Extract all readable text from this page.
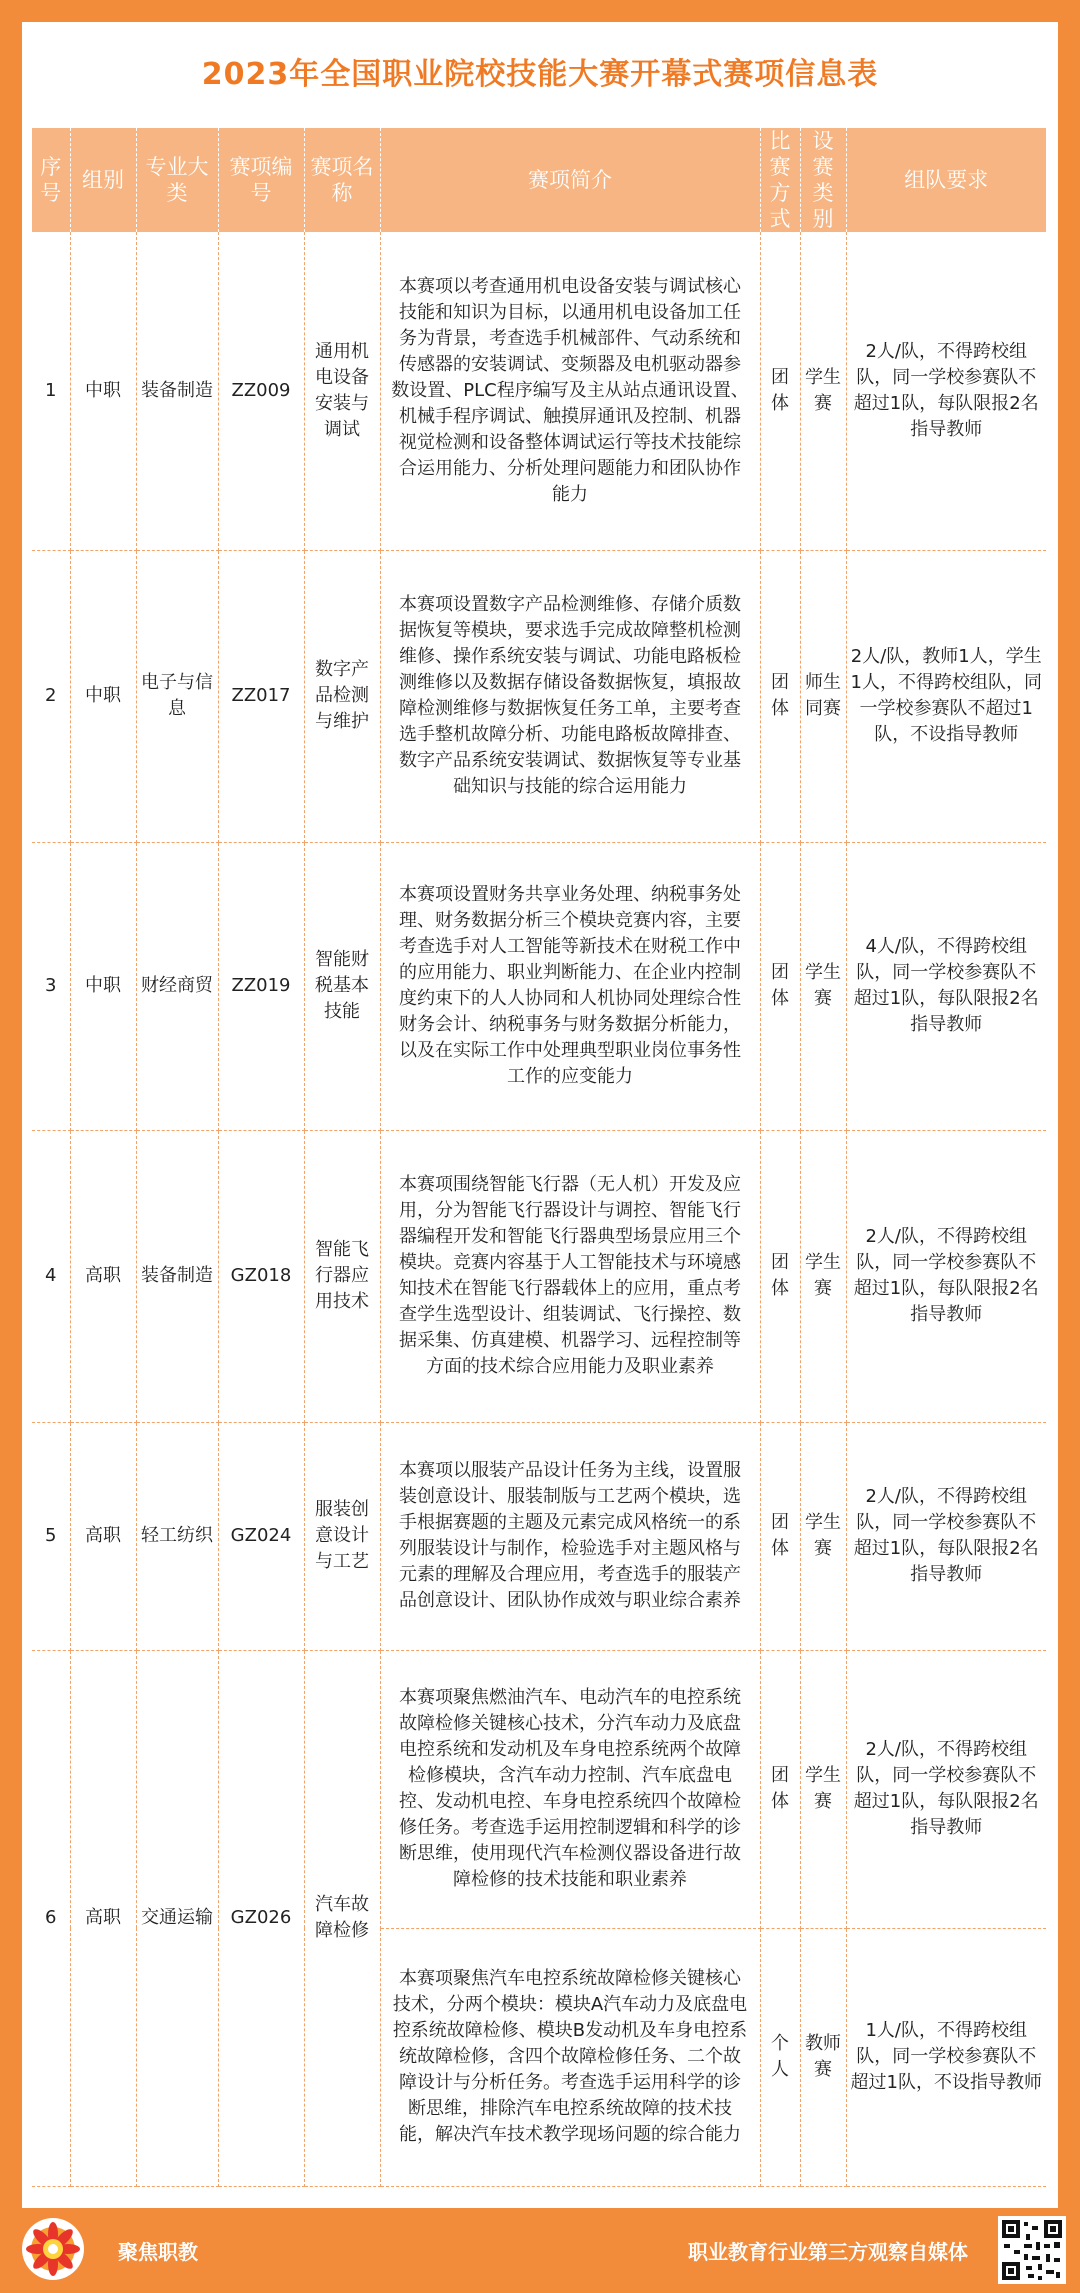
2023年全国职业院校技能大赛开幕式赛项信息表
序号	组别	专业大类	赛项编号	赛项名称	赛项简介	比赛方式	设赛类别	组队要求
1	中职	装备制造	ZZ009	通用机电设备安装与调试	本赛项以考查通用机电设备安装与调试核心技能和知识为目标，以通用机电设备加工任务为背景，考查选手机械部件、气动系统和传感器的安装调试、变频器及电机驱动器参数设置、PLC程序编写及主从站点通讯设置、机械手程序调试、触摸屏通讯及控制、机器视觉检测和设备整体调试运行等技术技能综合运用能力、分析处理问题能力和团队协作能力	团体	学生赛	2人/队，不得跨校组队，同一学校参赛队不超过1队，每队限报2名指导教师
2	中职	电子与信息	ZZ017	数字产品检测与维护	本赛项设置数字产品检测维修、存储介质数据恢复等模块，要求选手完成故障整机检测维修、操作系统安装与调试、功能电路板检测维修以及数据存储设备数据恢复，填报故障检测维修与数据恢复任务工单，主要考查选手整机故障分析、功能电路板故障排查、数字产品系统安装调试、数据恢复等专业基础知识与技能的综合运用能力	团体	师生同赛	2人/队，教师1人，学生1人，不得跨校组队，同一学校参赛队不超过1队，不设指导教师
3	中职	财经商贸	ZZ019	智能财税基本技能	本赛项设置财务共享业务处理、纳税事务处理、财务数据分析三个模块竞赛内容，主要考查选手对人工智能等新技术在财税工作中的应用能力、职业判断能力、在企业内控制度约束下的人人协同和人机协同处理综合性财务会计、纳税事务与财务数据分析能力，以及在实际工作中处理典型职业岗位事务性工作的应变能力	团体	学生赛	4人/队，不得跨校组队，同一学校参赛队不超过1队，每队限报2名指导教师
4	高职	装备制造	GZ018	智能飞行器应用技术	本赛项围绕智能飞行器（无人机）开发及应用，分为智能飞行器设计与调控、智能飞行器编程开发和智能飞行器典型场景应用三个模块。竞赛内容基于人工智能技术与环境感知技术在智能飞行器载体上的应用，重点考查学生选型设计、组装调试、飞行操控、数据采集、仿真建模、机器学习、远程控制等方面的技术综合应用能力及职业素养	团体	学生赛	2人/队，不得跨校组队，同一学校参赛队不超过1队，每队限报2名指导教师
5	高职	轻工纺织	GZ024	服装创意设计与工艺	本赛项以服装产品设计任务为主线，设置服装创意设计、服装制版与工艺两个模块，选手根据赛题的主题及元素完成风格统一的系列服装设计与制作，检验选手对主题风格与元素的理解及合理应用，考查选手的服装产品创意设计、团队协作成效与职业综合素养	团体	学生赛	2人/队，不得跨校组队，同一学校参赛队不超过1队，每队限报2名指导教师
6	高职	交通运输	GZ026	汽车故障检修	本赛项聚焦燃油汽车、电动汽车的电控系统故障检修关键核心技术，分汽车动力及底盘电控系统和发动机及车身电控系统两个故障检修模块，含汽车动力控制、汽车底盘电控、发动机电控、车身电控系统四个故障检修任务。考查选手运用控制逻辑和科学的诊断思维，使用现代汽车检测仪器设备进行故障检修的技术技能和职业素养	团体	学生赛	2人/队，不得跨校组队，同一学校参赛队不超过1队，每队限报2名指导教师
					本赛项聚焦汽车电控系统故障检修关键核心技术，分两个模块：模块A汽车动力及底盘电控系统故障检修、模块B发动机及车身电控系统故障检修，含四个故障检修任务、二个故障设计与分析任务。考查选手运用科学的诊断思维，排除汽车电控系统故障的技术技能，解决汽车技术教学现场问题的综合能力	个人	教师赛	1人/队，不得跨校组队，同一学校参赛队不超过1队，不设指导教师
聚焦职教	职业教育行业第三方观察自媒体
